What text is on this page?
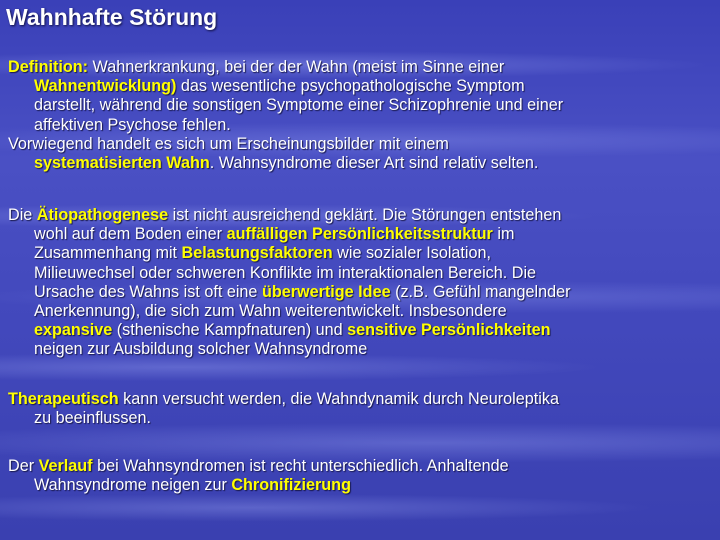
Wahnhafte Störung
Definition: Wahnerkrankung, bei der der Wahn (meist im Sinne einer
Wahnentwicklung) das wesentliche psychopathologische Symptom
darstellt, während die sonstigen Symptome einer Schizophrenie und einer
affektiven Psychose fehlen.
Vorwiegend handelt es sich um Erscheinungsbilder mit einem
systematisierten Wahn. Wahnsyndrome dieser Art sind relativ selten.
Die Ätiopathogenese ist nicht ausreichend geklärt. Die Störungen entstehen
wohl auf dem Boden einer auffälligen Persönlichkeitsstruktur im
Zusammenhang mit Belastungsfaktoren wie sozialer Isolation,
Milieuwechsel oder schweren Konflikte im interaktionalen Bereich. Die
Ursache des Wahns ist oft eine überwertige Idee (z.B. Gefühl mangelnder
Anerkennung), die sich zum Wahn weiterentwickelt. Insbesondere
expansive (sthenische Kampfnaturen) und sensitive Persönlichkeiten
neigen zur Ausbildung solcher Wahnsyndrome
Therapeutisch kann versucht werden, die Wahndynamik durch Neuroleptika
zu beeinflussen.
Der Verlauf bei Wahnsyndromen ist recht unterschiedlich. Anhaltende
Wahnsyndrome neigen zur Chronifizierung
